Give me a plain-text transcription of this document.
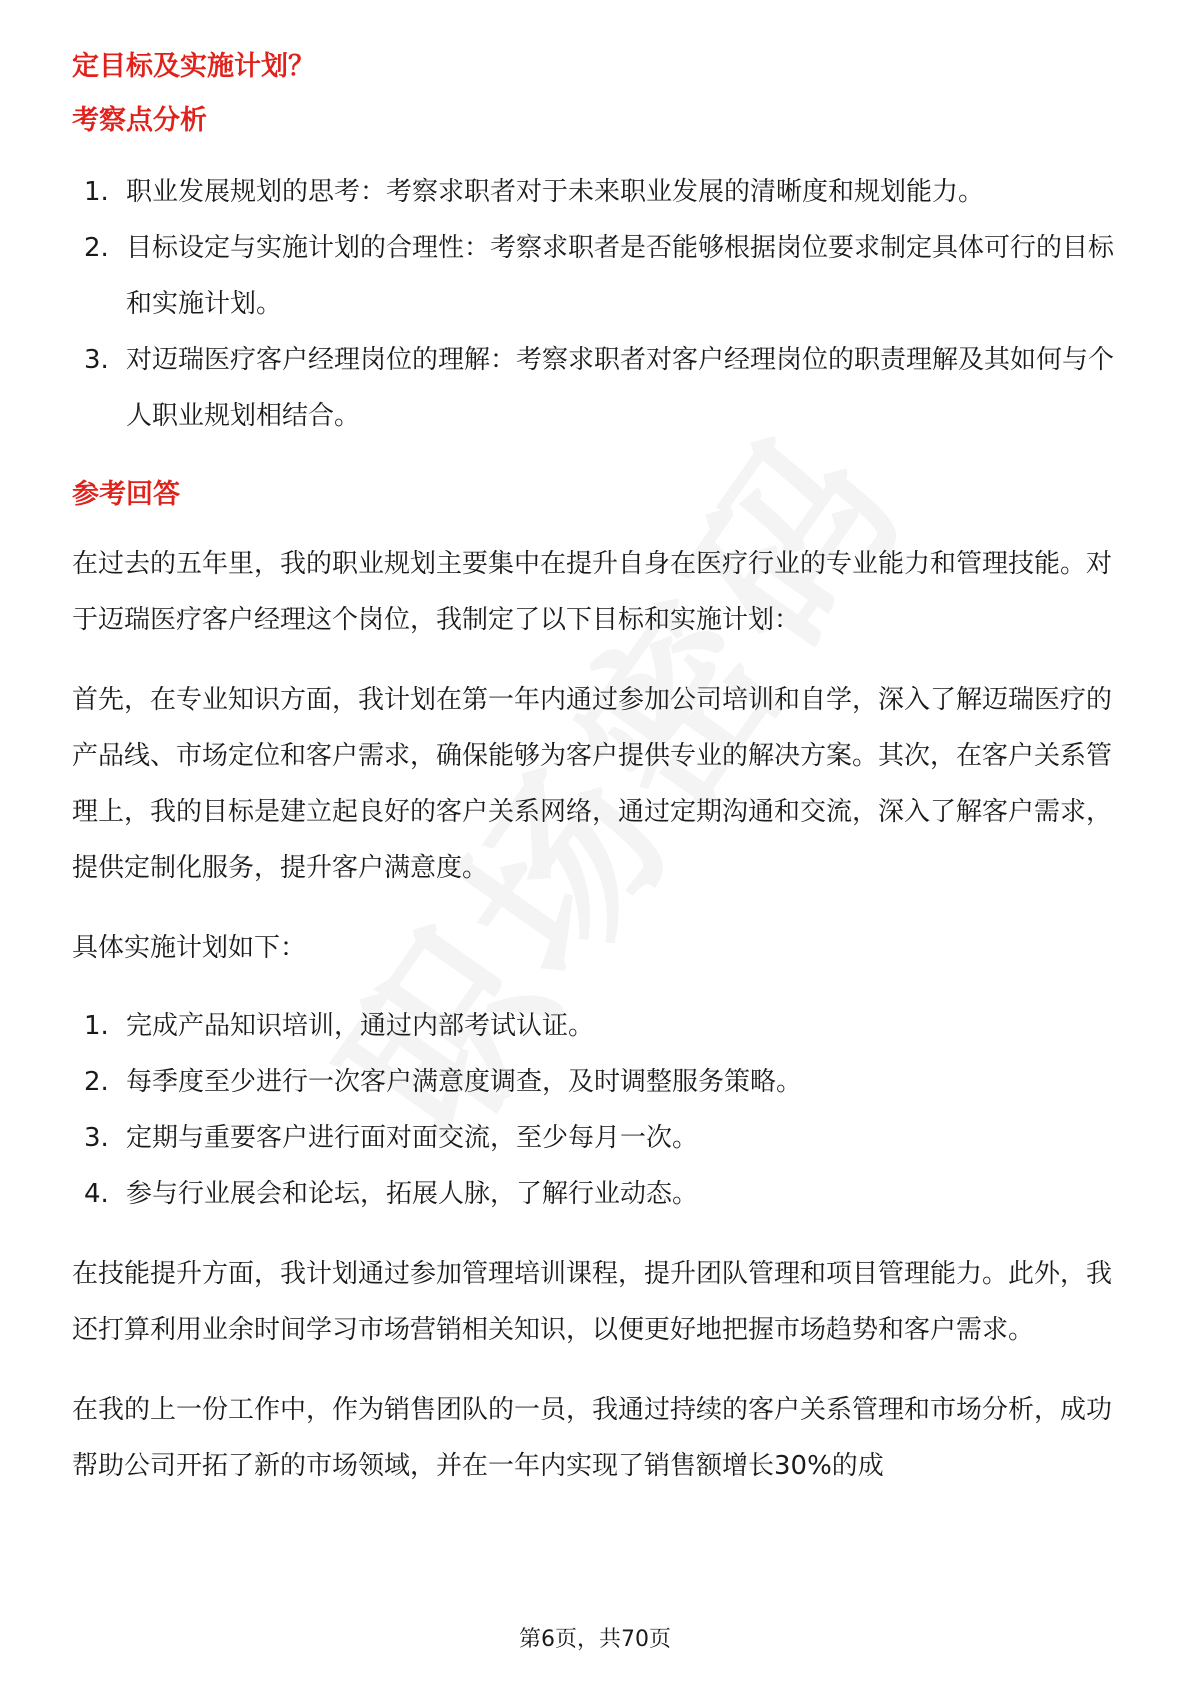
定目标及实施计划？

考察点分析

1. 职业发展规划的思考：考察求职者对于未来职业发展的清晰度和规划能力。
2. 目标设定与实施计划的合理性：考察求职者是否能够根据岗位要求制定具体可行的目标和实施计划。
3. 对迈瑞医疗客户经理岗位的理解：考察求职者对客户经理岗位的职责理解及其如何与个人职业规划相结合。

参考回答

在过去的五年里，我的职业规划主要集中在提升自身在医疗行业的专业能力和管理技能。对于迈瑞医疗客户经理这个岗位，我制定了以下目标和实施计划：

首先，在专业知识方面，我计划在第一年内通过参加公司培训和自学，深入了解迈瑞医疗的产品线、市场定位和客户需求，确保能够为客户提供专业的解决方案。其次，在客户关系管理上，我的目标是建立起良好的客户关系网络，通过定期沟通和交流，深入了解客户需求，提供定制化服务，提升客户满意度。

具体实施计划如下：

1. 完成产品知识培训，通过内部考试认证。
2. 每季度至少进行一次客户满意度调查，及时调整服务策略。
3. 定期与重要客户进行面对面交流，至少每月一次。
4. 参与行业展会和论坛，拓展人脉，了解行业动态。

在技能提升方面，我计划通过参加管理培训课程，提升团队管理和项目管理能力。此外，我还打算利用业余时间学习市场营销相关知识，以便更好地把握市场趋势和客户需求。

在我的上一份工作中，作为销售团队的一员，我通过持续的客户关系管理和市场分析，成功帮助公司开拓了新的市场领域，并在一年内实现了销售额增长30%的成

第6页，共70页
